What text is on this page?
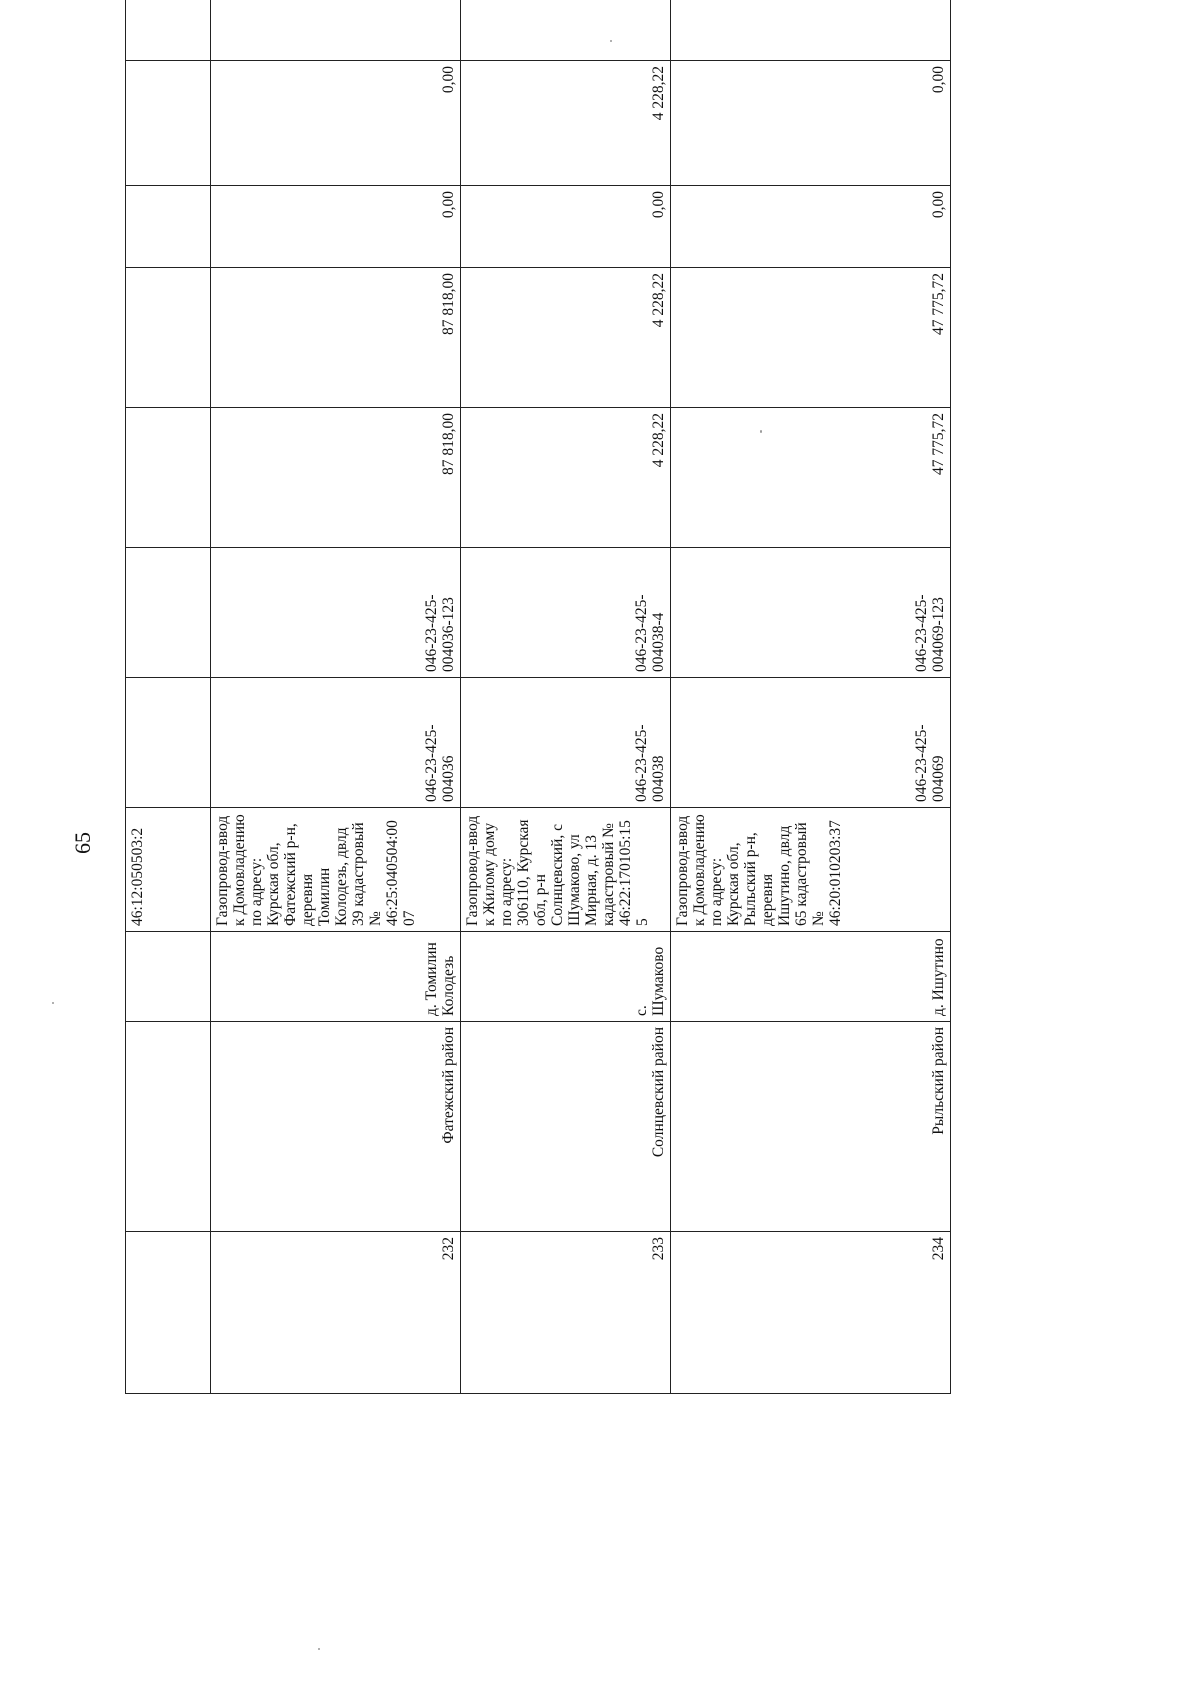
65
				46:12:050503:2								
232	Фатежский район	д. Томилин Колодезь	Газопровод-ввод к Домовладению по адресу: Курская обл, Фатежский р-н, деревня Томилин Колодезь, двлд 39 кадастровый № 46:25:040504:00 07	046-23-425-004036	046-23-425-004036-123	87 818,00	87 818,00	0,00	0,00		
233	Солнцевский район	с. Шумаково	Газопровод-ввод к Жилому дому по адресу: 306110, Курская обл, р-н Солнцевский, с Шумаково, ул Мирная, д. 13 кадастровый № 46:22:170105:15 5	046-23-425-004038	046-23-425-004038-4	4 228,22	4 228,22	0,00	4 228,22		
234	Рыльский район	д. Ишутино	Газопровод-ввод к Домовладению по адресу: Курская обл, Рыльский р-н, деревня Ишутино, двлд 65 кадастровый № 46:20:010203:37	046-23-425-004069	046-23-425-004069-123	47 775,72	47 775,72	0,00	0,00		
